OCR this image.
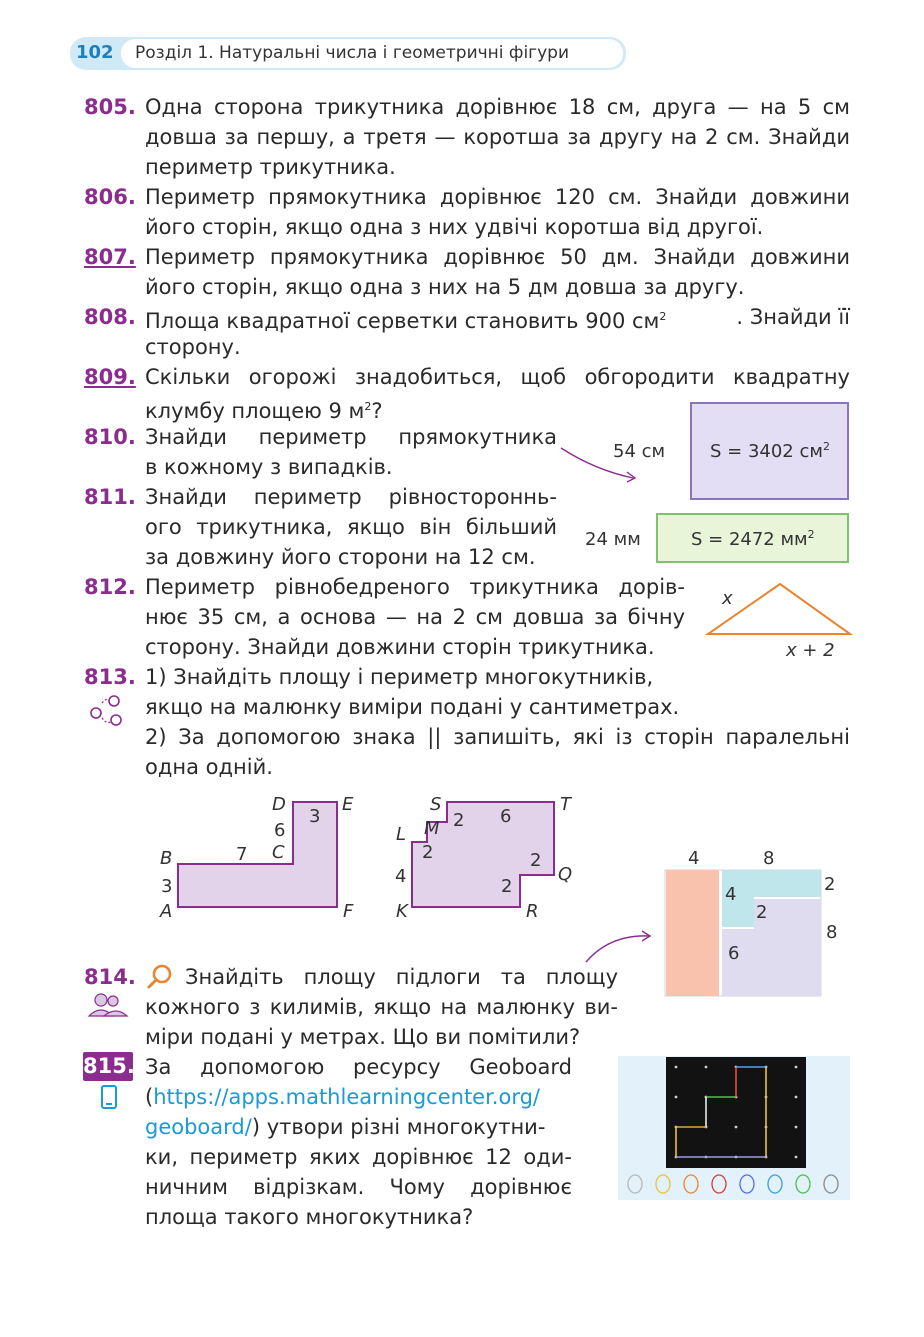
102 Розділ 1. Натуральні числа і геометричні фігури
805. Одна сторона трикутника дорівнює 18 см, друга — на 5 см
довша за першу, а третя — коротша за другу на 2 см. Знайди
периметр трикутника.
806. Периметр прямокутника дорівнює 120 см. Знайди довжини
його сторін, якщо одна з них удвічі коротша від другої.
807. Периметр прямокутника дорівнює 50 дм. Знайди довжини
його сторін, якщо одна з них на 5 дм довша за другу.
808. Площа квадратної серветки становить 900 $см^2$	. Знайди її
сторону.
809. Скільки огорожі знадобиться, щоб обгородити квадратну
клумбу площею 9 $м^2$?
810. Знайди периметр прямокутника
в кожному з випадків.
811. Знайди периметр рівностороннь-
ого трикутника, якщо він більший
за довжину його сторони на 12 см.
812. Периметр рівнобедреного трикутника дорів-
нює 35 см, а основа — на 2 см довша за бічну
сторону. Знайди довжини сторін трикутника.
813. 1) Знайдіть площу і периметр многокутників,
якщо на малюнку виміри подані у сантиметрах.
2) За допомогою знака || запишіть, які із сторін паралельні
одна одній.
54 см S = 3402 $см^2$
24 мм	S = 2472 $мм^2$
x
x + 2
D	E
3
6
C
7
B
3
A	F
S	T
M 2 6
L
2	2
4	Q
2
K	R
4	8
2
4
2
8
6
814. Знайдіть площу підлоги та площу
кожного з килимів, якщо на малюнку ви-
міри подані у метрах. Що ви помітили?
815. За допомогою ресурсу Geoboard
(https://apps.mathlearningcenter.org/
geoboard/) утвори різні многокутни-
ки, периметр яких дорівнює 12 оди-
ничним відрізкам. Чому дорівнює
площа такого многокутника?
